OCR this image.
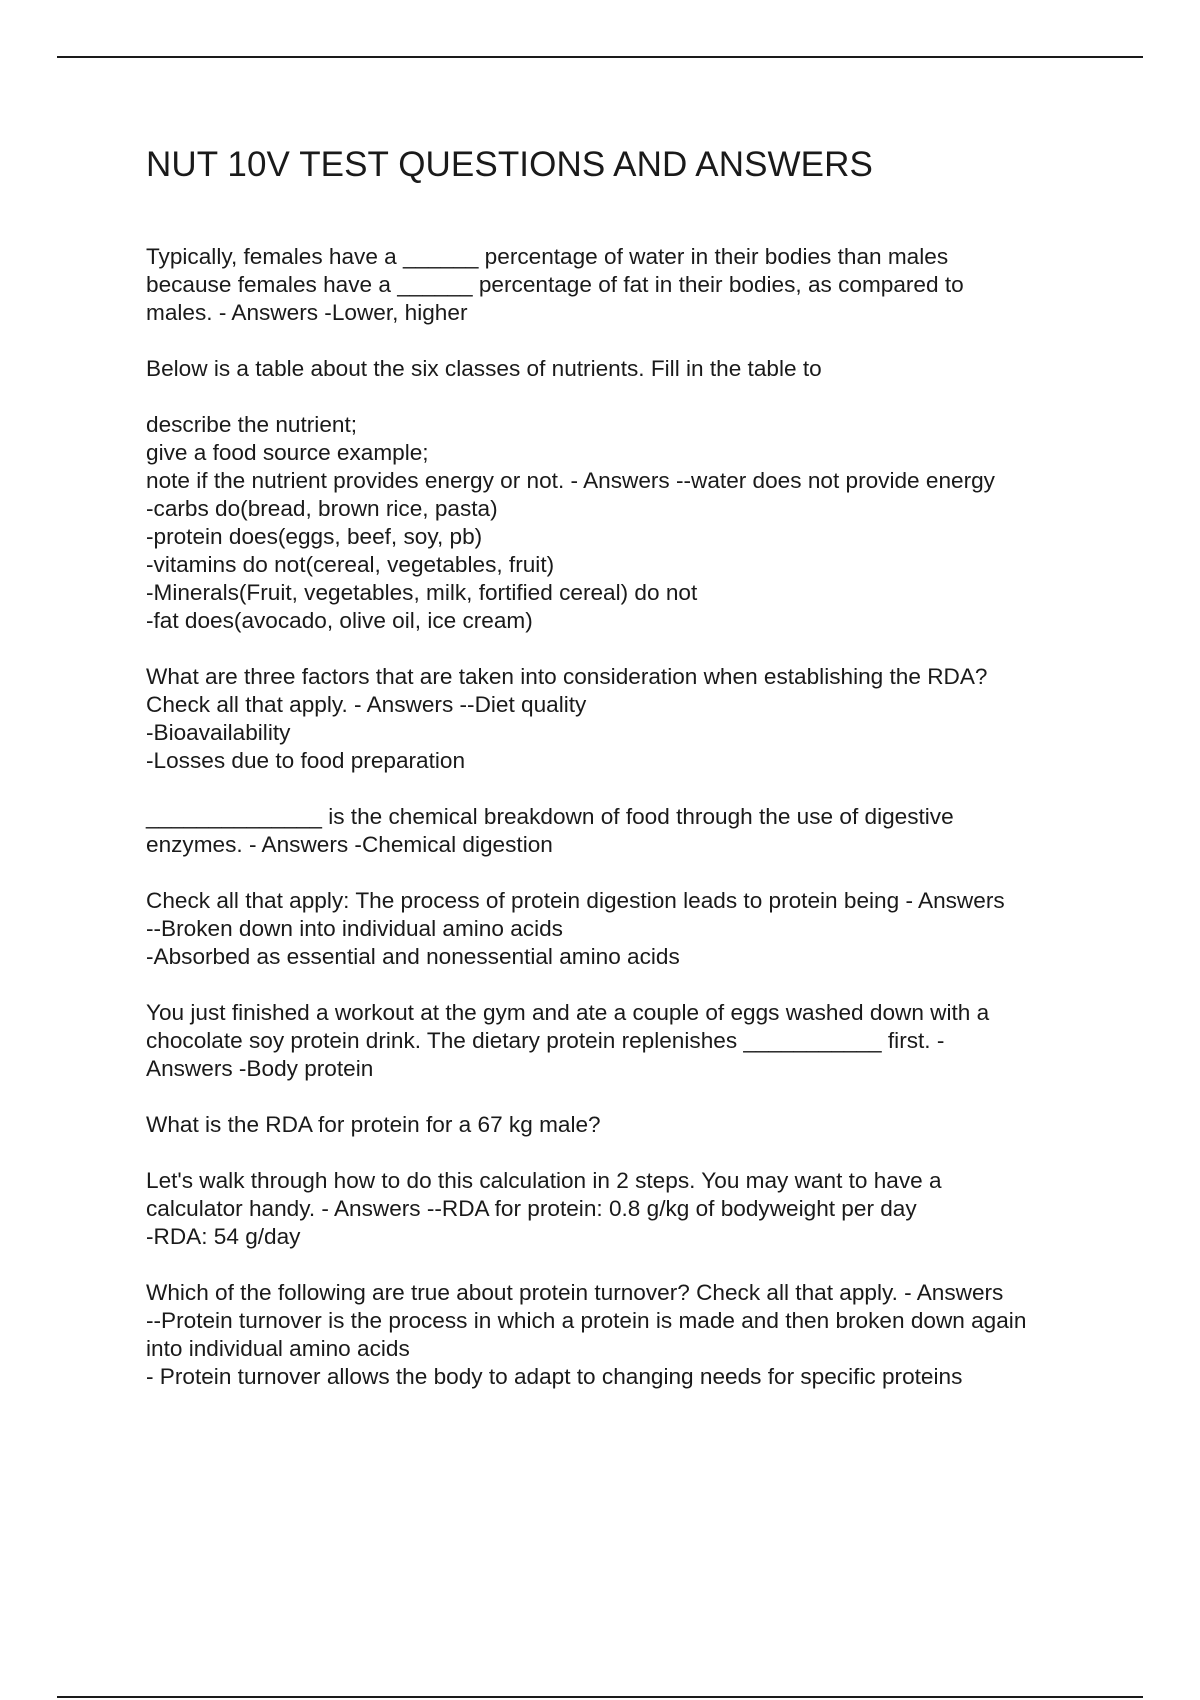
NUT 10V TEST QUESTIONS AND ANSWERS

Typically, females have a ______ percentage of water in their bodies than males
because females have a ______ percentage of fat in their bodies, as compared to
males. - Answers -Lower, higher

Below is a table about the six classes of nutrients. Fill in the table to

describe the nutrient;
give a food source example;
note if the nutrient provides energy or not. - Answers --water does not provide energy
-carbs do(bread, brown rice, pasta)
-protein does(eggs, beef, soy, pb)
-vitamins do not(cereal, vegetables, fruit)
-Minerals(Fruit, vegetables, milk, fortified cereal) do not
-fat does(avocado, olive oil, ice cream)

What are three factors that are taken into consideration when establishing the RDA?
Check all that apply. - Answers --Diet quality
-Bioavailability
-Losses due to food preparation

______________ is the chemical breakdown of food through the use of digestive
enzymes. - Answers -Chemical digestion

Check all that apply: The process of protein digestion leads to protein being - Answers
--Broken down into individual amino acids
-Absorbed as essential and nonessential amino acids

You just finished a workout at the gym and ate a couple of eggs washed down with a
chocolate soy protein drink. The dietary protein replenishes ___________ first. -
Answers -Body protein

What is the RDA for protein for a 67 kg male?

Let's walk through how to do this calculation in 2 steps. You may want to have a
calculator handy. - Answers --RDA for protein: 0.8 g/kg of bodyweight per day
-RDA: 54 g/day

Which of the following are true about protein turnover? Check all that apply. - Answers
--Protein turnover is the process in which a protein is made and then broken down again
into individual amino acids
- Protein turnover allows the body to adapt to changing needs for specific proteins
